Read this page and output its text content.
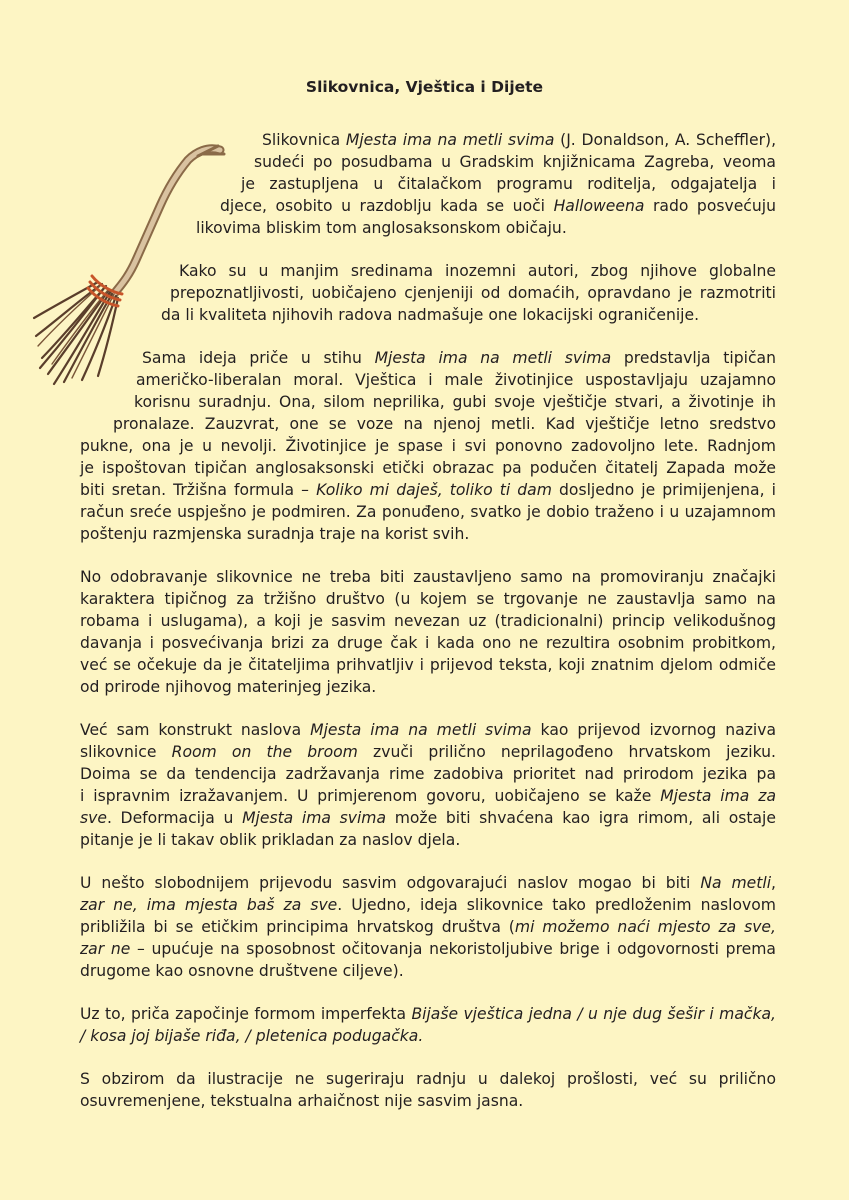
Slikovnica, Vještica i Dijete
Slikovnica Mjesta ima na metli svima (J. Donaldson, A. Scheffler),
sudeći po posudbama u Gradskim knjižnicama Zagreba, veoma
je zastupljena u čitalačkom programu roditelja, odgajatelja i
djece, osobito u razdoblju kada se uoči Halloweena rado posvećuju
likovima bliskim tom anglosaksonskom običaju.
Kako su u manjim sredinama inozemni autori, zbog njihove globalne
prepoznatljivosti, uobičajeno cjenjeniji od domaćih, opravdano je razmotriti
da li kvaliteta njihovih radova nadmašuje one lokacijski ograničenije.
Sama ideja priče u stihu Mjesta ima na metli svima predstavlja tipičan
američko-liberalan moral. Vještica i male životinjice uspostavljaju uzajamno
korisnu suradnju. Ona, silom neprilika, gubi svoje vještičje stvari, a životinje ih
pronalaze. Zauzvrat, one se voze na njenoj metli. Kad vještičje letno sredstvo
pukne, ona je u nevolji. Životinjice je spase i svi ponovno zadovoljno lete. Radnjom
je ispoštovan tipičan anglosaksonski etički obrazac pa podučen čitatelj Zapada može
biti sretan. Tržišna formula – Koliko mi daješ, toliko ti dam dosljedno je primijenjena, i
račun sreće uspješno je podmiren. Za ponuđeno, svatko je dobio traženo i u uzajamnom
poštenju razmjenska suradnja traje na korist svih.
No odobravanje slikovnice ne treba biti zaustavljeno samo na promoviranju značajki
karaktera tipičnog za tržišno društvo (u kojem se trgovanje ne zaustavlja samo na
robama i uslugama), a koji je sasvim nevezan uz (tradicionalni) princip velikodušnog
davanja i posvećivanja brizi za druge čak i kada ono ne rezultira osobnim probitkom,
već se očekuje da je čitateljima prihvatljiv i prijevod teksta, koji znatnim djelom odmiče
od prirode njihovog materinjeg jezika.
Već sam konstrukt naslova Mjesta ima na metli svima kao prijevod izvornog naziva
slikovnice Room on the broom zvuči prilično neprilagođeno hrvatskom jeziku.
Doima se da tendencija zadržavanja rime zadobiva prioritet nad prirodom jezika pa
i ispravnim izražavanjem. U primjerenom govoru, uobičajeno se kaže Mjesta ima za
sve. Deformacija u Mjesta ima svima može biti shvaćena kao igra rimom, ali ostaje
pitanje je li takav oblik prikladan za naslov djela.
U nešto slobodnijem prijevodu sasvim odgovarajući naslov mogao bi biti Na metli,
zar ne, ima mjesta baš za sve. Ujedno, ideja slikovnice tako predloženim naslovom
približila bi se etičkim principima hrvatskog društva (mi možemo naći mjesto za sve,
zar ne – upućuje na sposobnost očitovanja nekoristoljubive brige i odgovornosti prema
drugome kao osnovne društvene ciljeve).
Uz to, priča započinje formom imperfekta Bijaše vještica jedna / u nje dug šešir i mačka,
/ kosa joj bijaše riđa, / pletenica podugačka.
S obzirom da ilustracije ne sugeriraju radnju u dalekoj prošlosti, već su prilično
osuvremenjene, tekstualna arhaičnost nije sasvim jasna.
